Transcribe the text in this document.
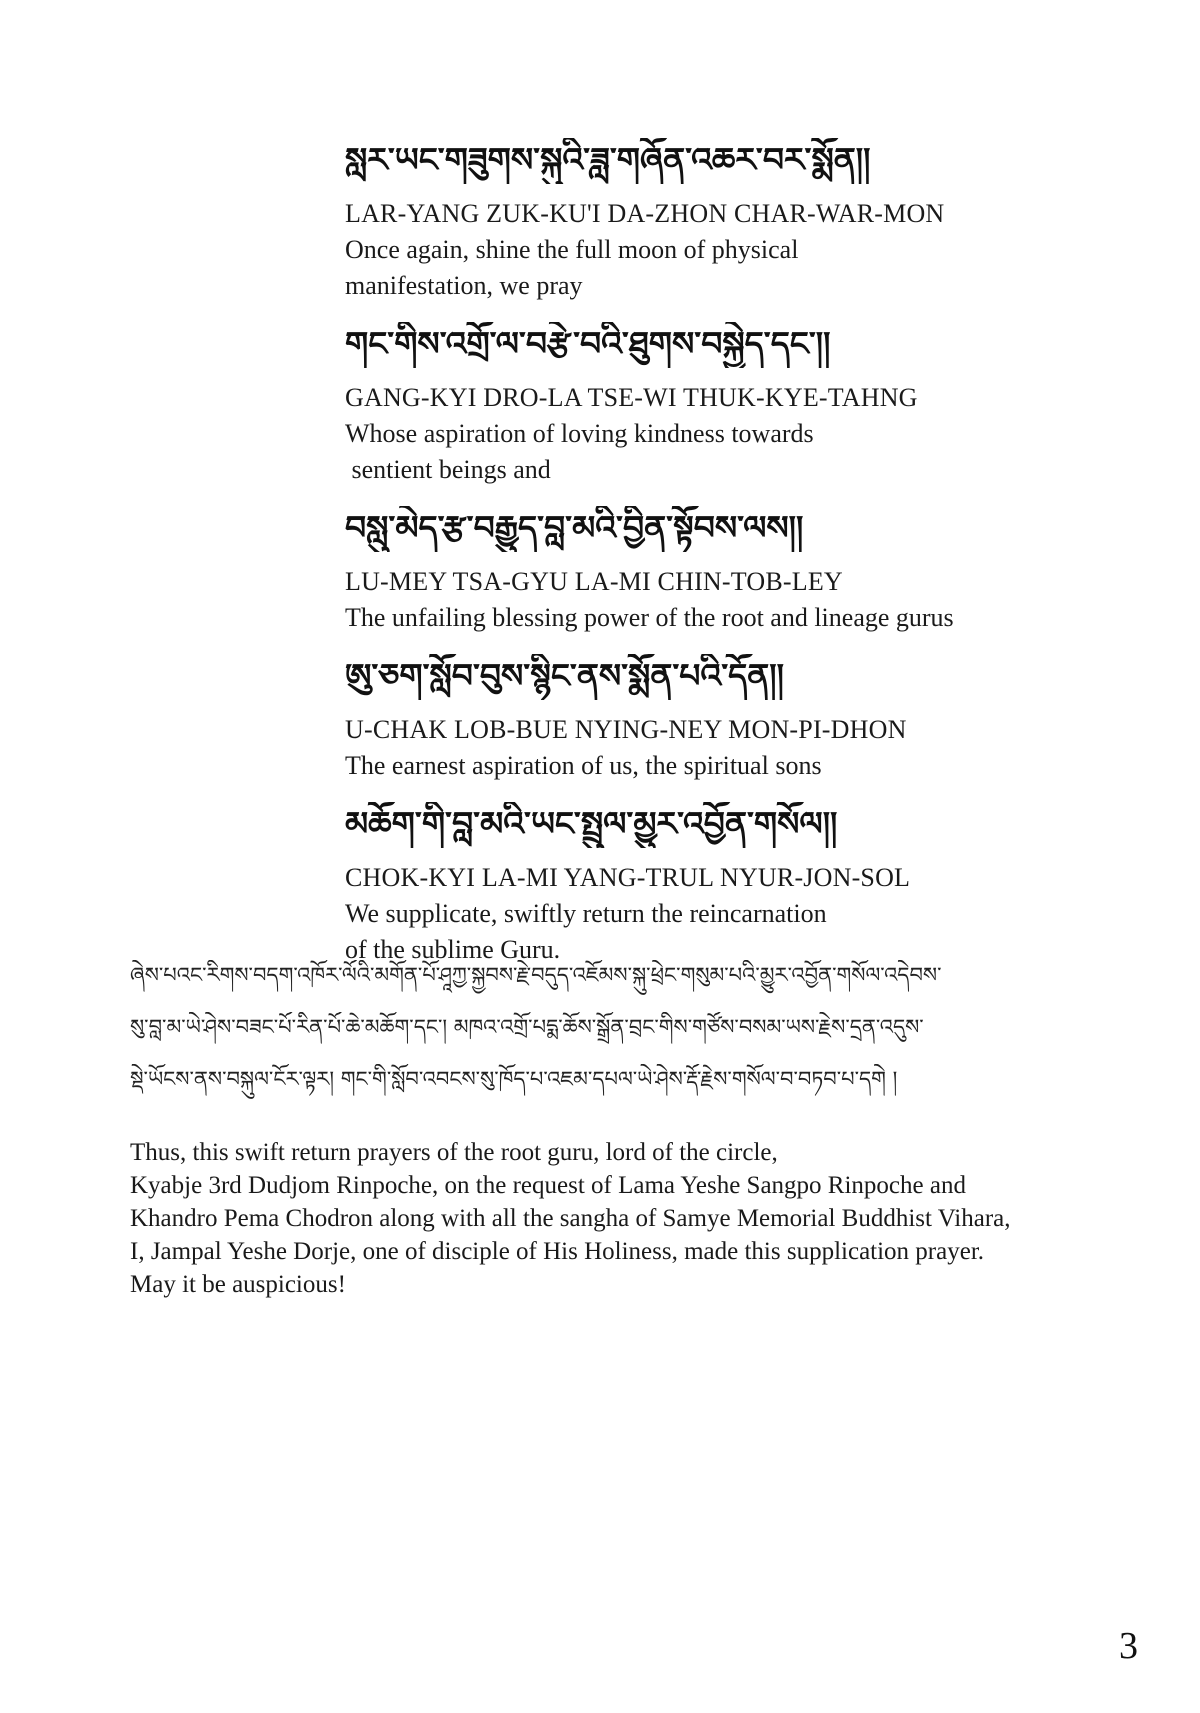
སླར་ཡང་གཟུགས་སྐུའི་ཟླ་གཞོན་འཆར་བར་སྨོན།།
LAR-YANG ZUK-KU'I DA-ZHON CHAR-WAR-MON
Once again, shine the full moon of physical
manifestation, we pray
གང་གིས་འགྲོ་ལ་བརྩེ་བའི་ཐུགས་བསྐྱེད་དང་།།
GANG-KYI DRO-LA TSE-WI THUK-KYE-TAHNG
Whose aspiration of loving kindness towards
sentient beings and
བསླུ་མེད་རྩ་བརྒྱུད་བླ་མའི་བྱིན་སྟོབས་ལས།།
LU-MEY TSA-GYU LA-MI CHIN-TOB-LEY
The unfailing blessing power of the root and lineage gurus
ཨུ་ཅག་སློབ་བུས་སྙིང་ནས་སྨོན་པའི་དོན།།
U-CHAK LOB-BUE NYING-NEY MON-PI-DHON
The earnest aspiration of us, the spiritual sons
མཆོག་གི་བླ་མའི་ཡང་སྤྲུལ་མྱུར་འབྱོན་གསོལ།།
CHOK-KYI LA-MI YANG-TRUL NYUR-JON-SOL
We supplicate, swiftly return the reincarnation
of the sublime Guru.
ཞེས་པའང་རིགས་བདག་འཁོར་ལོའི་མགོན་པོ་ཤཱཀྱ་སྐྱབས་རྗེ་བདུད་འཇོམས་སྐུ་ཕྲེང་གསུམ་པའི་མྱུར་འབྱོན་གསོལ་འདེབས་
སུ་བླ་མ་ཡེ་ཤེས་བཟང་པོ་རིན་པོ་ཆེ་མཆོག་དང་། མཁའ་འགྲོ་པདྨ་ཆོས་སྒྲོན་བྲང་གིས་གཙོས་བསམ་ཡས་རྗེས་དྲན་འདུས་
སྡེ་ཡོངས་ནས་བསྐུལ་ངོར་ལྟར། གང་གི་སློབ་འབངས་སུ་ཁོད་པ་འཇམ་དཔལ་ཡེ་ཤེས་རྡོ་རྗེས་གསོལ་བ་བཏབ་པ་དགེ །
Thus, this swift return prayers of the root guru, lord of the circle,
Kyabje 3rd Dudjom Rinpoche, on the request of Lama Yeshe Sangpo Rinpoche and
Khandro Pema Chodron along with all the sangha of Samye Memorial Buddhist Vihara,
I, Jampal Yeshe Dorje, one of disciple of His Holiness, made this supplication prayer.
May it be auspicious!
3
